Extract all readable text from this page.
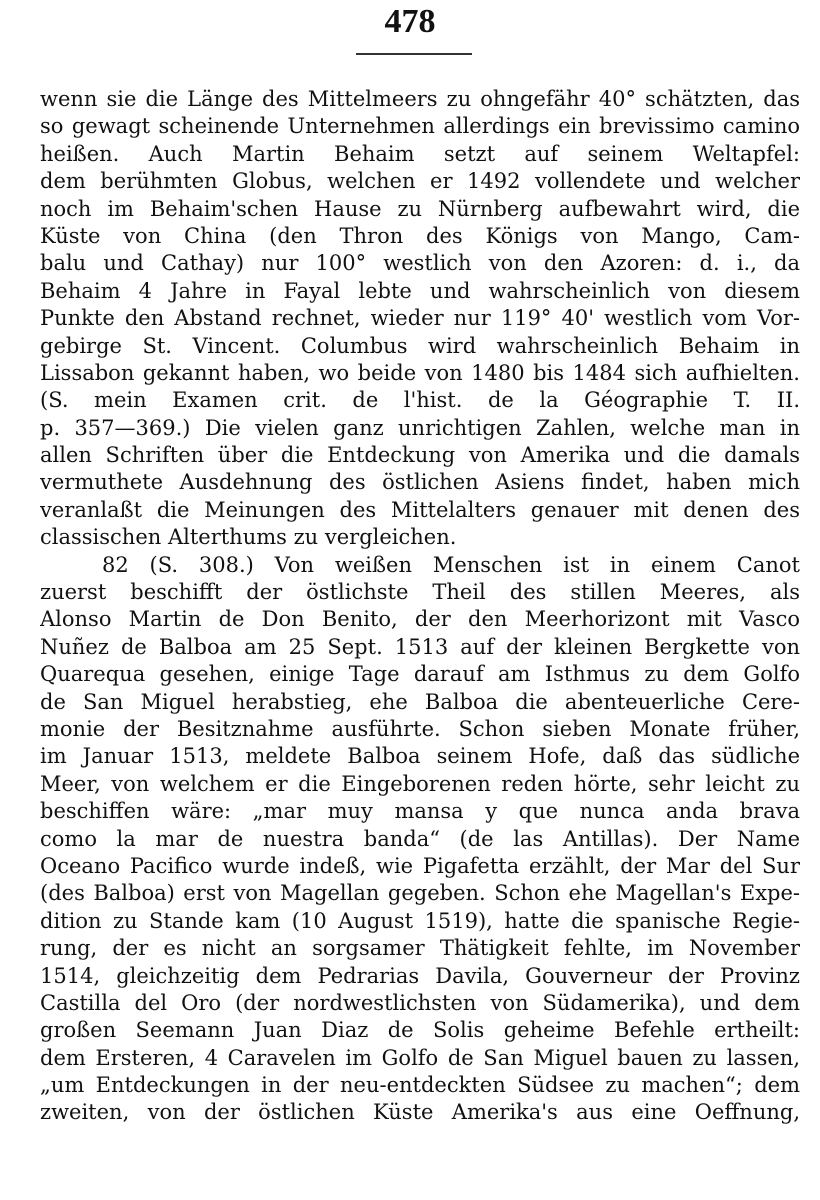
478
wenn sie die Länge des Mittelmeers zu ohngefähr 40° schätzten, das
so gewagt scheinende Unternehmen allerdings ein brevissimo camino
heißen. Auch Martin Behaim setzt auf seinem Weltapfel:
dem berühmten Globus, welchen er 1492 vollendete und welcher
noch im Behaim'schen Hause zu Nürnberg aufbewahrt wird, die
Küste von China (den Thron des Königs von Mango, Cam-
balu und Cathay) nur 100° westlich von den Azoren: d. i., da
Behaim 4 Jahre in Fayal lebte und wahrscheinlich von diesem
Punkte den Abstand rechnet, wieder nur 119° 40' westlich vom Vor-
gebirge St. Vincent. Columbus wird wahrscheinlich Behaim in
Lissabon gekannt haben, wo beide von 1480 bis 1484 sich aufhielten.
(S. mein Examen crit. de l'hist. de la Géographie T. II.
p. 357—369.) Die vielen ganz unrichtigen Zahlen, welche man in
allen Schriften über die Entdeckung von Amerika und die damals
vermuthete Ausdehnung des östlichen Asiens findet, haben mich
veranlaßt die Meinungen des Mittelalters genauer mit denen des
classischen Alterthums zu vergleichen.
82 (S. 308.) Von weißen Menschen ist in einem Canot
zuerst beschifft der östlichste Theil des stillen Meeres, als
Alonso Martin de Don Benito, der den Meerhorizont mit Vasco
Nuñez de Balboa am 25 Sept. 1513 auf der kleinen Bergkette von
Quarequa gesehen, einige Tage darauf am Isthmus zu dem Golfo
de San Miguel herabstieg, ehe Balboa die abenteuerliche Cere-
monie der Besitznahme ausführte. Schon sieben Monate früher,
im Januar 1513, meldete Balboa seinem Hofe, daß das südliche
Meer, von welchem er die Eingeborenen reden hörte, sehr leicht zu
beschiffen wäre: „mar muy mansa y que nunca anda brava
como la mar de nuestra banda“ (de las Antillas). Der Name
Oceano Pacifico wurde indeß, wie Pigafetta erzählt, der Mar del Sur
(des Balboa) erst von Magellan gegeben. Schon ehe Magellan's Expe-
dition zu Stande kam (10 August 1519), hatte die spanische Regie-
rung, der es nicht an sorgsamer Thätigkeit fehlte, im November
1514, gleichzeitig dem Pedrarias Davila, Gouverneur der Provinz
Castilla del Oro (der nordwestlichsten von Südamerika), und dem
großen Seemann Juan Diaz de Solis geheime Befehle ertheilt:
dem Ersteren, 4 Caravelen im Golfo de San Miguel bauen zu lassen,
„um Entdeckungen in der neu-entdeckten Südsee zu machen“; dem
zweiten, von der östlichen Küste Amerika's aus eine Oeffnung,
